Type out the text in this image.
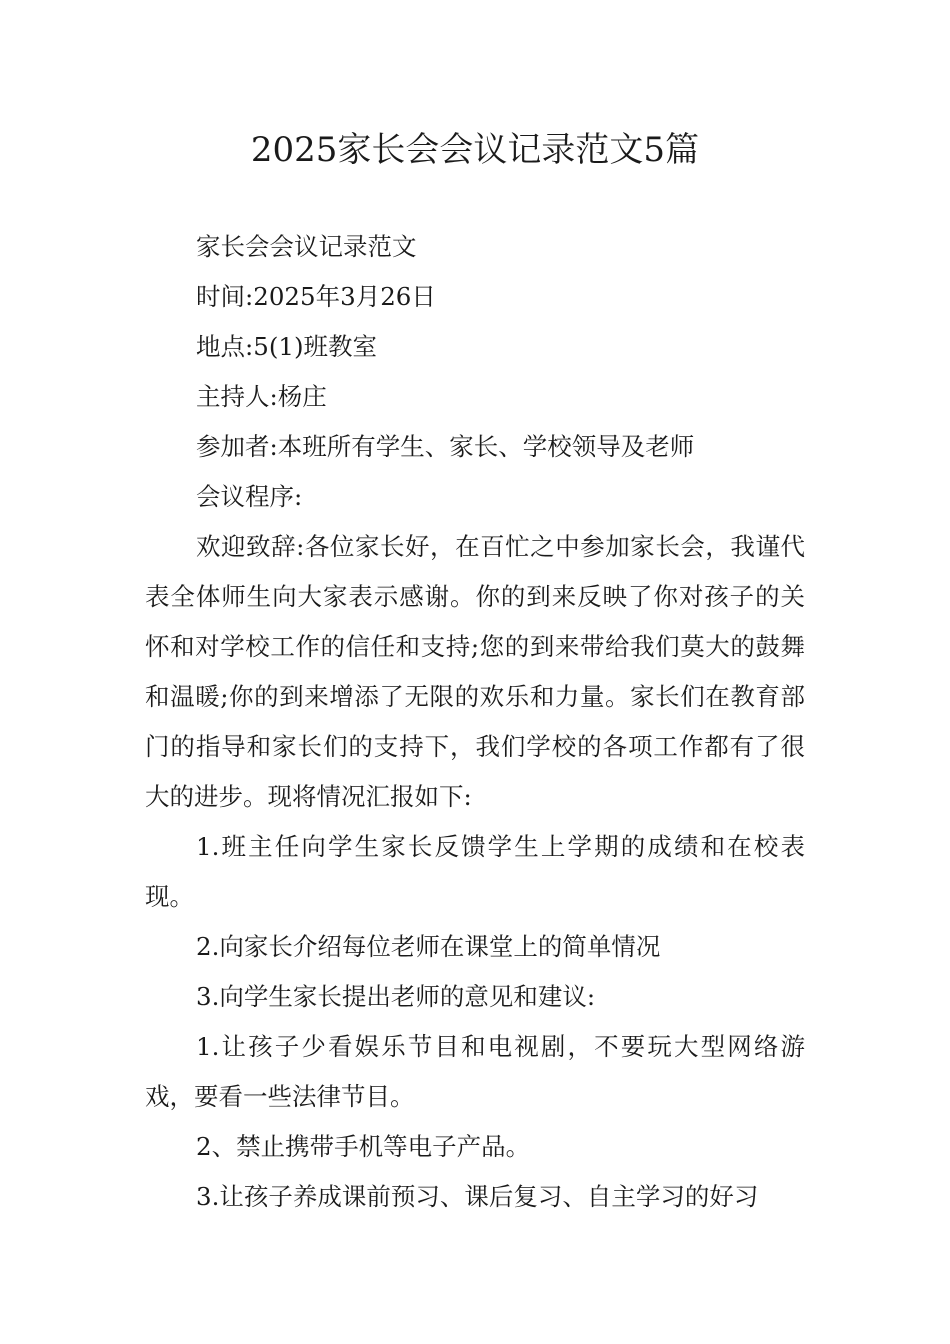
2025家长会会议记录范文5篇

家长会会议记录范文

时间:2025年3月26日

地点:5(1)班教室

主持人:杨庄

参加者:本班所有学生、家长、学校领导及老师

会议程序:

欢迎致辞:各位家长好，在百忙之中参加家长会，我谨代表全体师生向大家表示感谢。你的到来反映了你对孩子的关怀和对学校工作的信任和支持;您的到来带给我们莫大的鼓舞和温暖;你的到来增添了无限的欢乐和力量。家长们在教育部门的指导和家长们的支持下，我们学校的各项工作都有了很大的进步。现将情况汇报如下:

1.班主任向学生家长反馈学生上学期的成绩和在校表现。

2.向家长介绍每位老师在课堂上的简单情况

3.向学生家长提出老师的意见和建议:

1.让孩子少看娱乐节目和电视剧，不要玩大型网络游戏，要看一些法律节目。

2、禁止携带手机等电子产品。

3.让孩子养成课前预习、课后复习、自主学习的好习
